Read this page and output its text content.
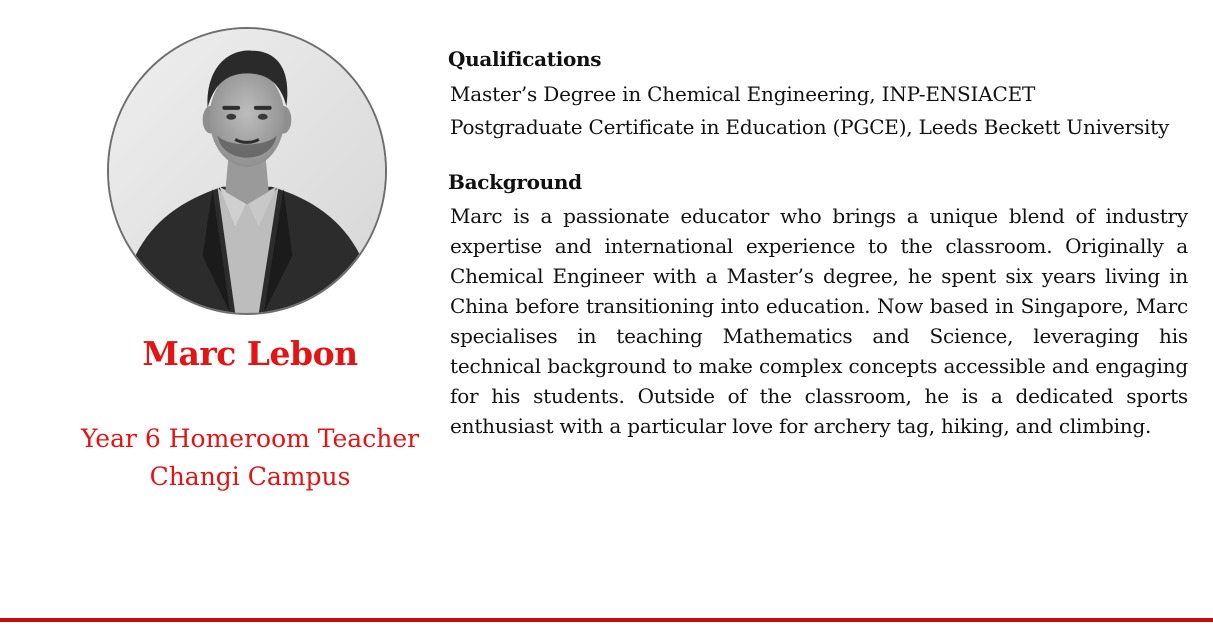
Marc Lebon
Year 6 Homeroom Teacher
Changi Campus
Qualifications
Master’s Degree in Chemical Engineering, INP-ENSIACET
Postgraduate Certificate in Education (PGCE), Leeds Beckett University
Background

Marc is a passionate educator who brings a unique blend of industry expertise and international experience to the classroom. Originally a Chemical Engineer with a Master’s degree, he spent six years living in China before transitioning into education. Now based in Singapore, Marc specialises in teaching Mathematics and Science, leveraging his technical background to make complex concepts accessible and engaging for his students. Outside of the classroom, he is a dedicated sports enthusiast with a particular love for archery tag, hiking, and climbing.
